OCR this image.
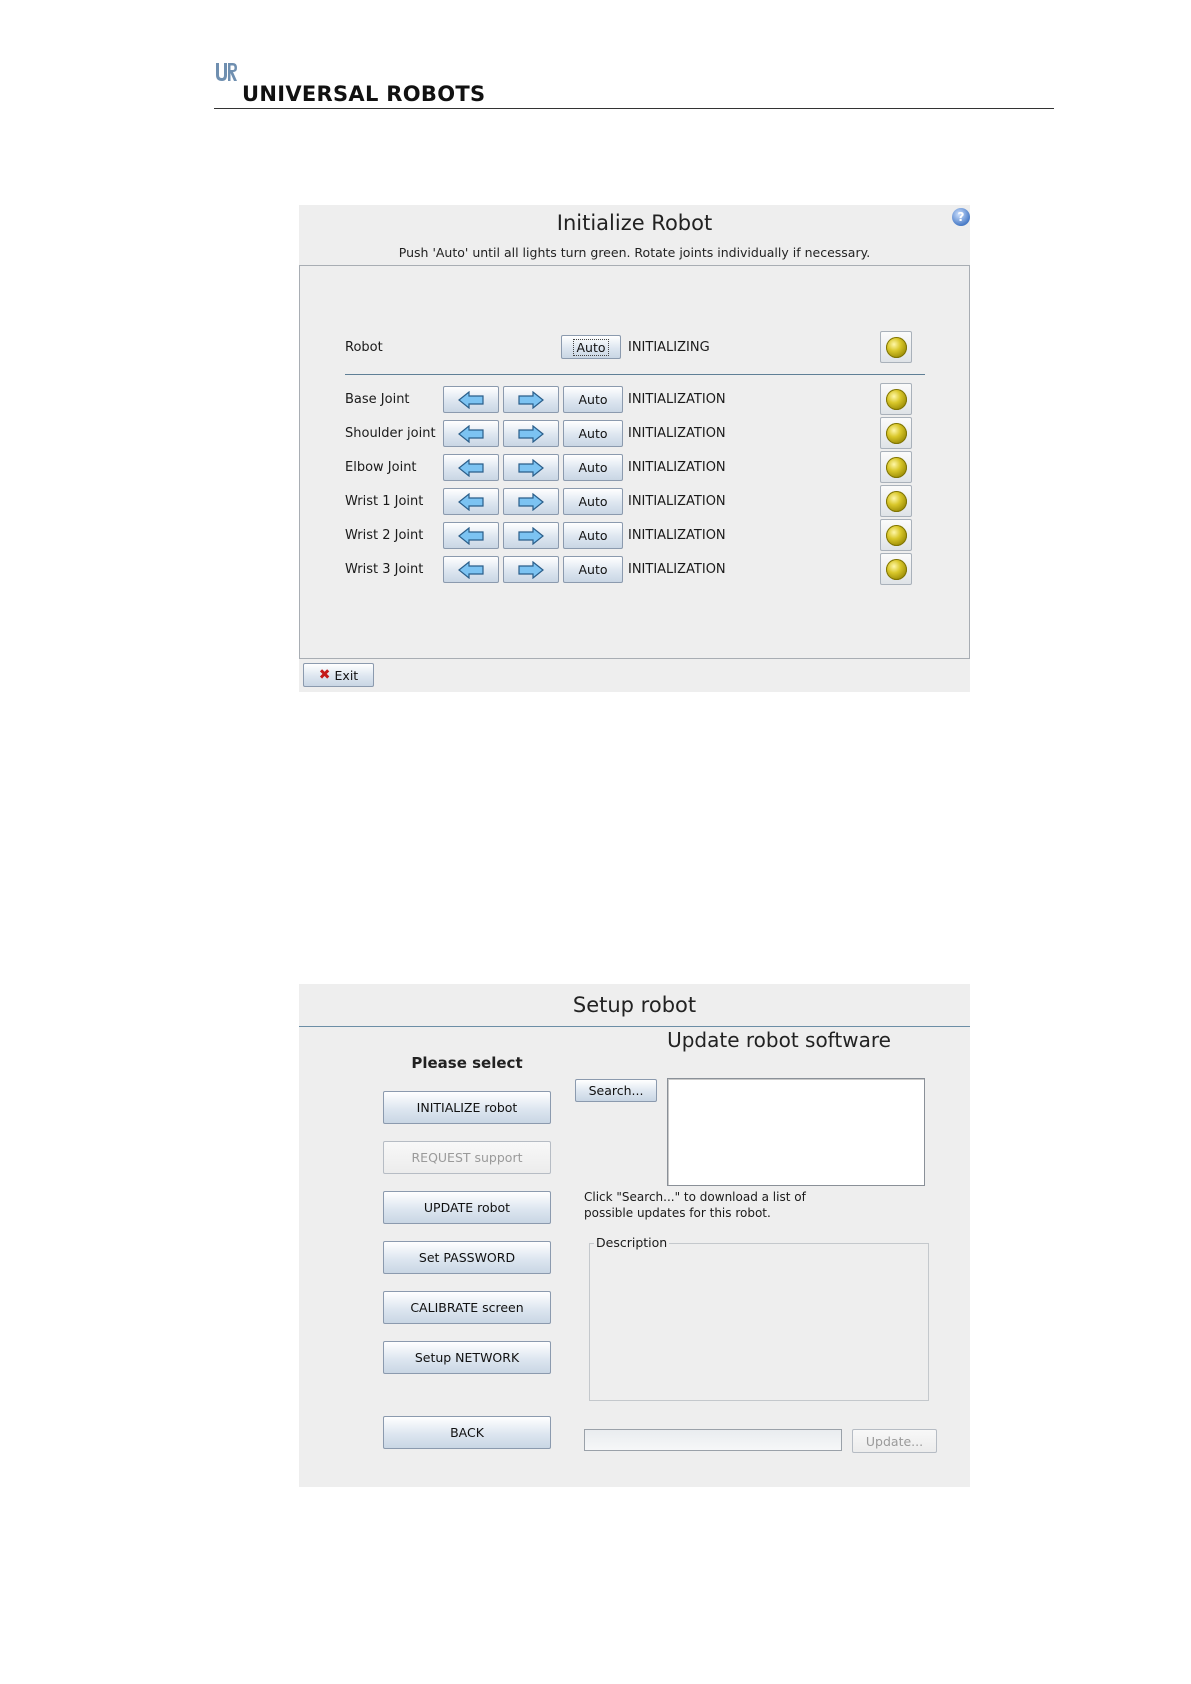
UNIVERSAL ROBOTS
Initialize Robot
Push 'Auto' until all lights turn green. Rotate joints individually if necessary.
?
Robot	Auto INITIALIZING
Base Joint	Auto	INITIALIZATION
Shoulder joint	Auto	INITIALIZATION
Elbow Joint	Auto	INITIALIZATION
Wrist 1 Joint	Auto	INITIALIZATION
Wrist 2 Joint	Auto	INITIALIZATION
Wrist 3 Joint	Auto	INITIALIZATION
✖ Exit
Setup robot
Please select
INITIALIZE robot
REQUEST support
UPDATE robot
Set PASSWORD
CALIBRATE screen
Setup NETWORK
BACK
Update robot software
Search...
Click "Search..." to download a list of
possible updates for this robot.
Description
Update...
